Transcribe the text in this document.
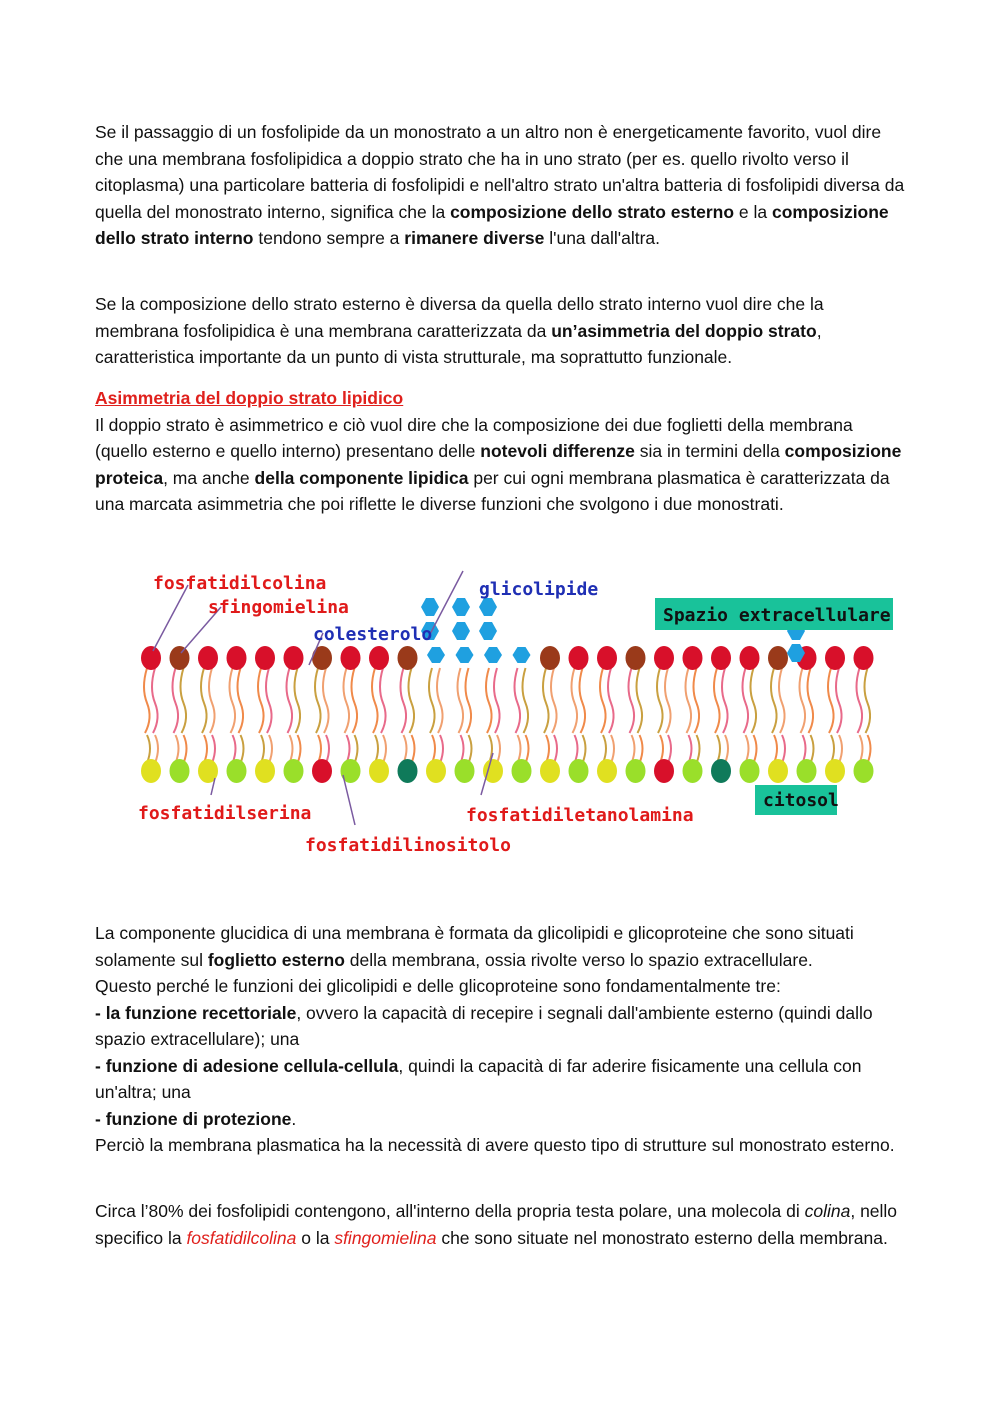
Se il passaggio di un fosfolipide da un monostrato a un altro non è energeticamente favorito, vuol dire che una membrana fosfolipidica a doppio strato che ha in uno strato (per es. quello rivolto verso il citoplasma) una particolare batteria di fosfolipidi e nell'altro strato un'altra batteria di fosfolipidi diversa da quella del monostrato interno, significa che la composizione dello strato esterno e la composizione dello strato interno tendono sempre a rimanere diverse l'una dall'altra.

Se la composizione dello strato esterno è diversa da quella dello strato interno vuol dire che la membrana fosfolipidica è una membrana caratterizzata da un’asimmetria del doppio strato, caratteristica importante da un punto di vista strutturale, ma soprattutto funzionale.

Asimmetria del doppio strato lipidico
Il doppio strato è asimmetrico e ciò vuol dire che la composizione dei due foglietti della membrana (quello esterno e quello interno) presentano delle notevoli differenze sia in termini della composizione proteica, ma anche della componente lipidica per cui ogni membrana plasmatica è caratterizzata da una marcata asimmetria che poi riflette le diverse funzioni che svolgono i due monostrati.

fosfatidilcolina
sfingomielina
colesterolo
glicolipide
Spazio extracellulare
citosol
fosfatidilserina
fosfatidilinositolo
fosfatidiletanolamina

La componente glucidica di una membrana è formata da glicolipidi e glicoproteine che sono situati solamente sul foglietto esterno della membrana, ossia rivolte verso lo spazio extracellulare.
Questo perché le funzioni dei glicolipidi e delle glicoproteine sono fondamentalmente tre:
- la funzione recettoriale, ovvero la capacità di recepire i segnali dall'ambiente esterno (quindi dallo spazio extracellulare); una
- funzione di adesione cellula-cellula, quindi la capacità di far aderire fisicamente una cellula con un'altra; una
- funzione di protezione.
Perciò la membrana plasmatica ha la necessità di avere questo tipo di strutture sul monostrato esterno.

Circa l’80% dei fosfolipidi contengono, all'interno della propria testa polare, una molecola di colina, nello specifico la fosfatidilcolina o la sfingomielina che sono situate nel monostrato esterno della membrana.
